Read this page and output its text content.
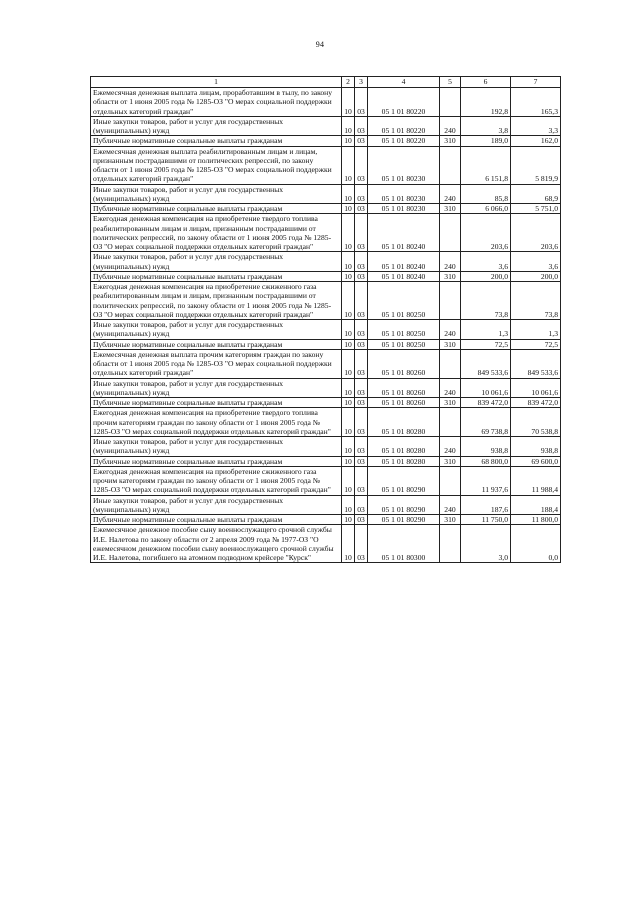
94
1	2	3	4	5	6	7
Ежемесячная денежная выплата лицам, проработавшим в тылу, по закону области от 1 июня 2005 года № 1285-ОЗ "О мерах социальной поддержки отдельных категорий граждан"	10	03	05 1 01 80220		192,8	165,3
Иные закупки товаров, работ и услуг для государственных (муниципальных) нужд	10	03	05 1 01 80220	240	3,8	3,3
Публичные нормативные социальные выплаты гражданам	10	03	05 1 01 80220	310	189,0	162,0
Ежемесячная денежная выплата реабилитированным лицам и лицам, признанным пострадавшими от политических репрессий, по закону области от 1 июня 2005 года № 1285-ОЗ "О мерах социальной поддержки отдельных категорий граждан"	10	03	05 1 01 80230		6 151,8	5 819,9
Иные закупки товаров, работ и услуг для государственных (муниципальных) нужд	10	03	05 1 01 80230	240	85,8	68,9
Публичные нормативные социальные выплаты гражданам	10	03	05 1 01 80230	310	6 066,0	5 751,0
Ежегодная денежная компенсация на приобретение твердого топлива реабилитированным лицам и лицам, признанным пострадавшими от политических репрессий, по закону области от 1 июня 2005 года № 1285-ОЗ "О мерах социальной поддержки отдельных категорий граждан"	10	03	05 1 01 80240		203,6	203,6
Иные закупки товаров, работ и услуг для государственных (муниципальных) нужд	10	03	05 1 01 80240	240	3,6	3,6
Публичные нормативные социальные выплаты гражданам	10	03	05 1 01 80240	310	200,0	200,0
Ежегодная денежная компенсация на приобретение сжиженного газа реабилитированным лицам и лицам, признанным пострадавшими от политических репрессий, по закону области от 1 июня 2005 года № 1285-ОЗ "О мерах социальной поддержки отдельных категорий граждан"	10	03	05 1 01 80250		73,8	73,8
Иные закупки товаров, работ и услуг для государственных (муниципальных) нужд	10	03	05 1 01 80250	240	1,3	1,3
Публичные нормативные социальные выплаты гражданам	10	03	05 1 01 80250	310	72,5	72,5
Ежемесячная денежная выплата прочим категориям граждан по закону области от 1 июня 2005 года № 1285-ОЗ "О мерах социальной поддержки отдельных категорий граждан"	10	03	05 1 01 80260		849 533,6	849 533,6
Иные закупки товаров, работ и услуг для государственных (муниципальных) нужд	10	03	05 1 01 80260	240	10 061,6	10 061,6
Публичные нормативные социальные выплаты гражданам	10	03	05 1 01 80260	310	839 472,0	839 472,0
Ежегодная денежная компенсация на приобретение твердого топлива прочим категориям граждан по закону области от 1 июня 2005 года № 1285-ОЗ "О мерах социальной поддержки отдельных категорий граждан"	10	03	05 1 01 80280		69 738,8	70 538,8
Иные закупки товаров, работ и услуг для государственных (муниципальных) нужд	10	03	05 1 01 80280	240	938,8	938,8
Публичные нормативные социальные выплаты гражданам	10	03	05 1 01 80280	310	68 800,0	69 600,0
Ежегодная денежная компенсация на приобретение сжиженного газа прочим категориям граждан по закону области от 1 июня 2005 года № 1285-ОЗ "О мерах социальной поддержки отдельных категорий граждан"	10	03	05 1 01 80290		11 937,6	11 988,4
Иные закупки товаров, работ и услуг для государственных (муниципальных) нужд	10	03	05 1 01 80290	240	187,6	188,4
Публичные нормативные социальные выплаты гражданам	10	03	05 1 01 80290	310	11 750,0	11 800,0
Ежемесячное денежное пособие сыну военнослужащего срочной службы И.Е. Налетова по закону области от 2 апреля 2009 года № 1977-ОЗ "О ежемесячном денежном пособии сыну военнослужащего срочной службы И.Е. Налетова, погибшего на атомном подводном крейсере "Курск"	10	03	05 1 01 80300		3,0	0,0
